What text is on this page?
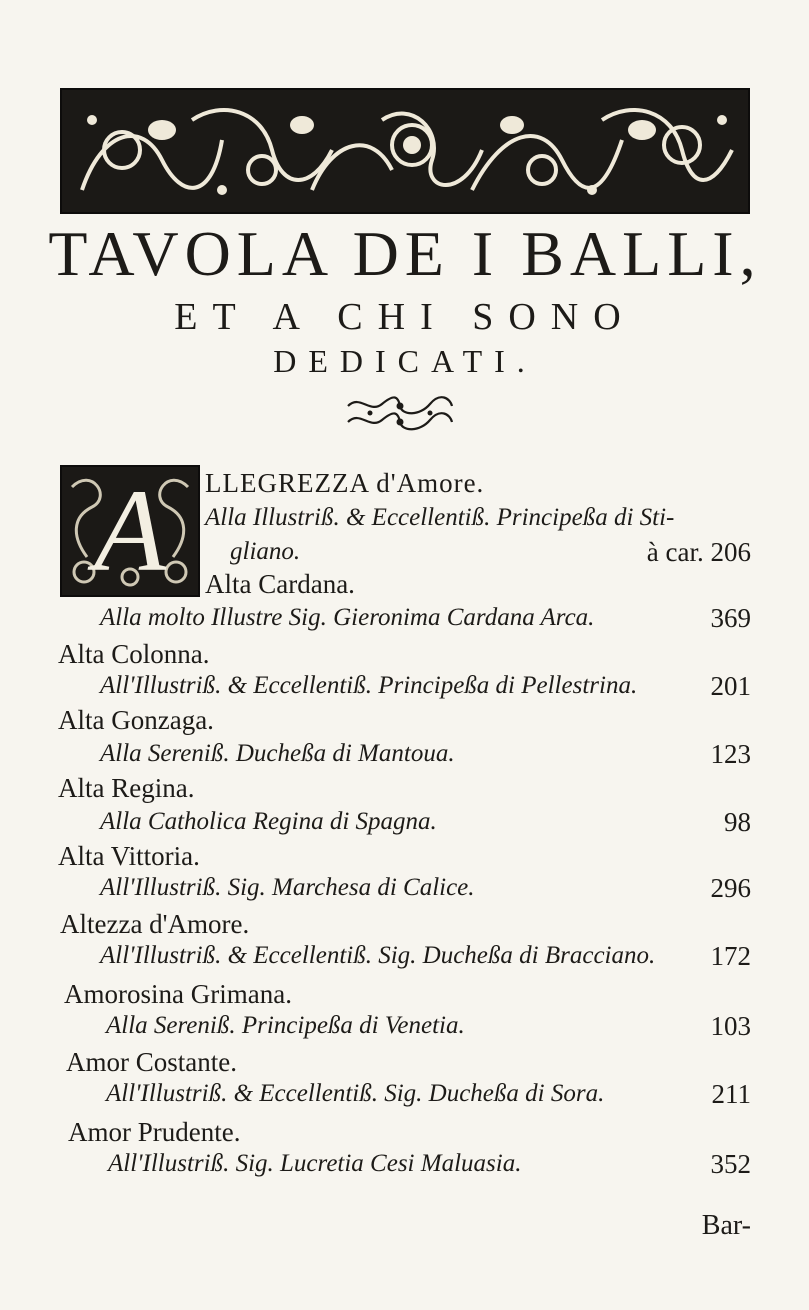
TAVOLA DE I BALLI,
ET A CHI SONO
DEDICATI.
A	LLEGREZZA d'Amore.
Alla Illustriß. & Eccellentiß. Principeßa di Sti-
gliano.	à car. 206
Alta Cardana.
Alla molto Illustre Sig. Gieronima Cardana Arca.	369
Alta Colonna.
All'Illustriß. & Eccellentiß. Principeßa di Pellestrina.	201
Alta Gonzaga.
Alla Sereniß. Ducheßa di Mantoua.	123
Alta Regina.
Alla Catholica Regina di Spagna.	98
Alta Vittoria.
All'Illustriß. Sig. Marchesa di Calice.	296
Altezza d'Amore.
All'Illustriß. & Eccellentiß. Sig. Ducheßa di Bracciano. 172
Amorosina Grimana.
Alla Sereniß. Principeßa di Venetia.	103
Amor Costante.
All'Illustriß. & Eccellentiß. Sig. Ducheßa di Sora.	211
Amor Prudente.
All'Illustriß. Sig. Lucretia Cesi Maluasia.	352
Bar-
